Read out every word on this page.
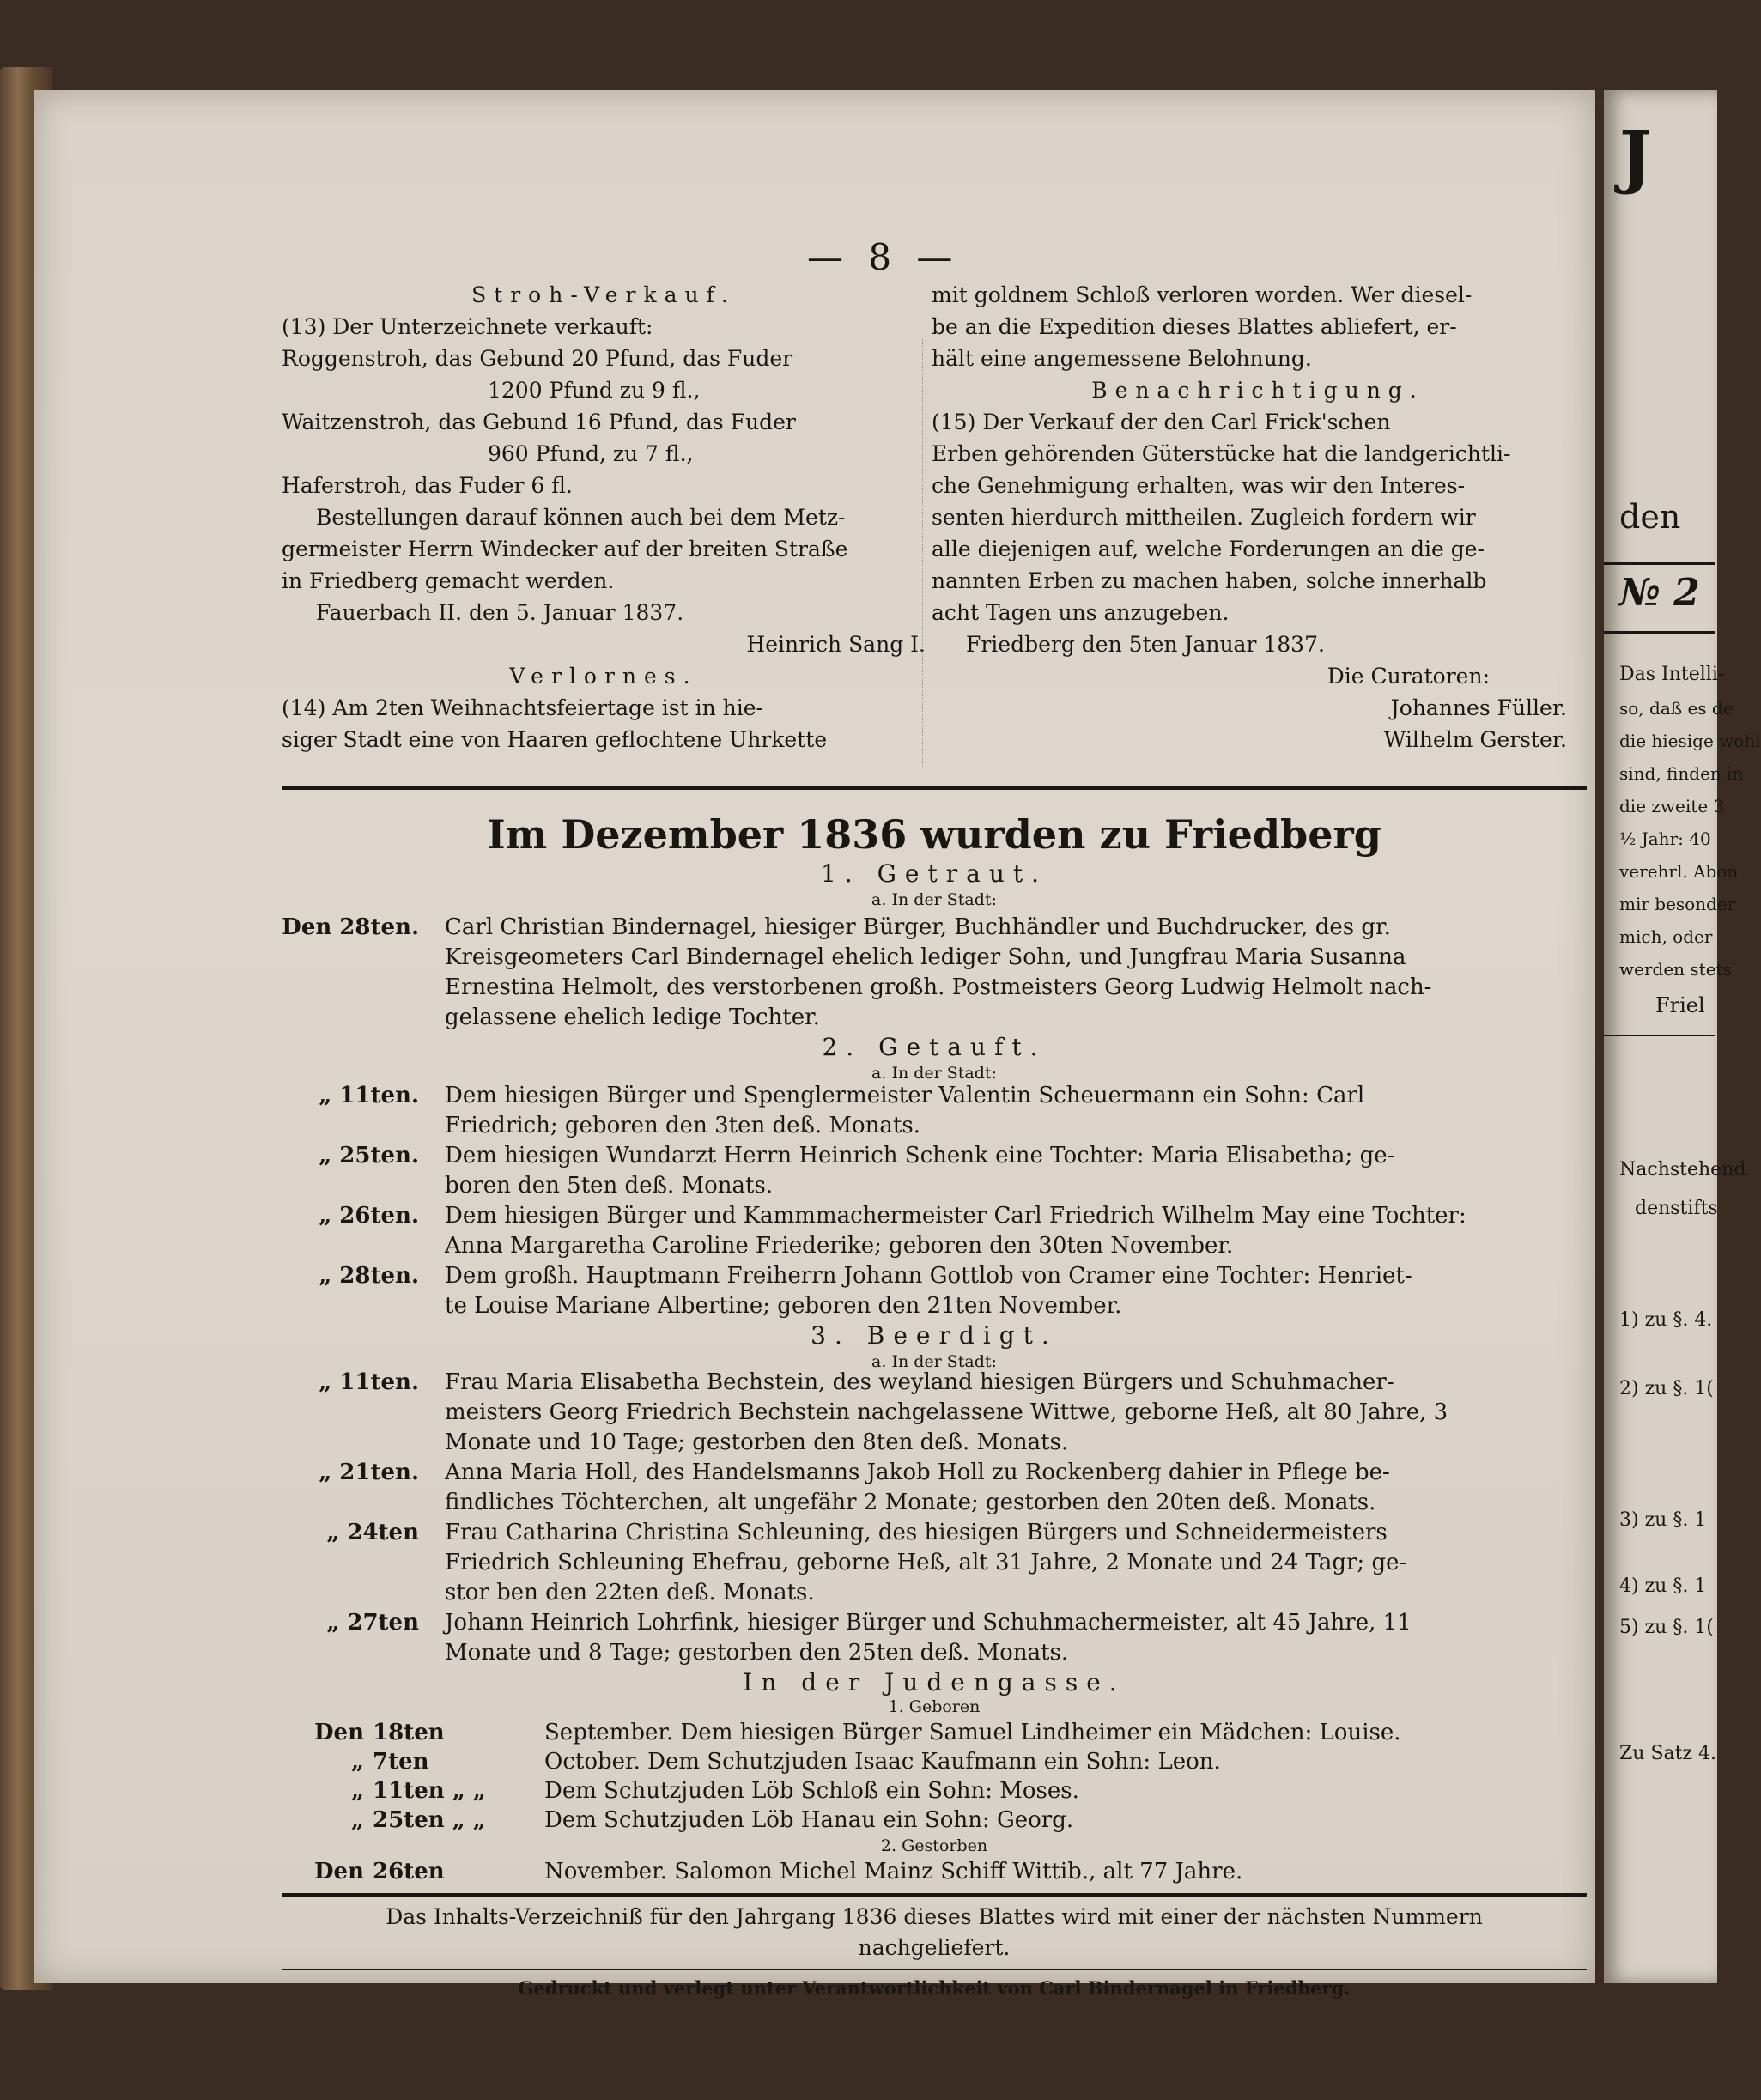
— 8 —
Stroh-Verkauf.
(13) Der Unterzeichnete verkauft:
Roggenstroh, das Gebund 20 Pfund, das Fuder
1200 Pfund zu 9 fl.,
Waitzenstroh, das Gebund 16 Pfund, das Fuder
960 Pfund, zu 7 fl.,
Haferstroh, das Fuder 6 fl.
Bestellungen darauf können auch bei dem Metz-
germeister Herrn Windecker auf der breiten Straße
in Friedberg gemacht werden.
Fauerbach II. den 5. Januar 1837.
Heinrich Sang I.
Verlornes.
(14) Am 2ten Weihnachtsfeiertage ist in hie-
siger Stadt eine von Haaren geflochtene Uhrkette
mit goldnem Schloß verloren worden. Wer diesel-
be an die Expedition dieses Blattes abliefert, er-
hält eine angemessene Belohnung.
Benachrichtigung.
(15) Der Verkauf der den Carl Frick'schen
Erben gehörenden Güterstücke hat die landgerichtli-
che Genehmigung erhalten, was wir den Interes-
senten hierdurch mittheilen. Zugleich fordern wir
alle diejenigen auf, welche Forderungen an die ge-
nannten Erben zu machen haben, solche innerhalb
acht Tagen uns anzugeben.
Friedberg den 5ten Januar 1837.
Die Curatoren:
Johannes Füller.
Wilhelm Gerster.
Im Dezember 1836 wurden zu Friedberg
1. Getraut.
a. In der Stadt:
Den 28ten. Carl Christian Bindernagel, hiesiger Bürger, Buchhändler und Buchdrucker, des gr.
Kreisgeometers Carl Bindernagel ehelich lediger Sohn, und Jungfrau Maria Susanna
Ernestina Helmolt, des verstorbenen großh. Postmeisters Georg Ludwig Helmolt nach-
gelassene ehelich ledige Tochter.
2. Getauft.
a. In der Stadt:
„ 11ten. Dem hiesigen Bürger und Spenglermeister Valentin Scheuermann ein Sohn: Carl
Friedrich; geboren den 3ten deß. Monats.
„ 25ten. Dem hiesigen Wundarzt Herrn Heinrich Schenk eine Tochter: Maria Elisabetha; ge-
boren den 5ten deß. Monats.
„ 26ten. Dem hiesigen Bürger und Kammmachermeister Carl Friedrich Wilhelm May eine Tochter:
Anna Margaretha Caroline Friederike; geboren den 30ten November.
„ 28ten. Dem großh. Hauptmann Freiherrn Johann Gottlob von Cramer eine Tochter: Henriet-
te Louise Mariane Albertine; geboren den 21ten November.
3. Beerdigt.
a. In der Stadt:
„ 11ten. Frau Maria Elisabetha Bechstein, des weyland hiesigen Bürgers und Schuhmacher-
meisters Georg Friedrich Bechstein nachgelassene Wittwe, geborne Heß, alt 80 Jahre, 3
Monate und 10 Tage; gestorben den 8ten deß. Monats.
„ 21ten. Anna Maria Holl, des Handelsmanns Jakob Holl zu Rockenberg dahier in Pflege be-
findliches Töchterchen, alt ungefähr 2 Monate; gestorben den 20ten deß. Monats.
„ 24ten Frau Catharina Christina Schleuning, des hiesigen Bürgers und Schneidermeisters
Friedrich Schleuning Ehefrau, geborne Heß, alt 31 Jahre, 2 Monate und 24 Tagr; ge-
stor ben den 22ten deß. Monats.
„ 27ten Johann Heinrich Lohrfink, hiesiger Bürger und Schuhmachermeister, alt 45 Jahre, 11
Monate und 8 Tage; gestorben den 25ten deß. Monats.
In der Judengasse.
1. Geboren
Den 18ten	September. Dem hiesigen Bürger Samuel Lindheimer ein Mädchen: Louise.
„ 7ten	October. Dem Schutzjuden Isaac Kaufmann ein Sohn: Leon.
„ 11ten „ „	Dem Schutzjuden Löb Schloß ein Sohn: Moses.
„ 25ten „ „	Dem Schutzjuden Löb Hanau ein Sohn: Georg.
2. Gestorben
Den 26ten	November. Salomon Michel Mainz Schiff Wittib., alt 77 Jahre.
Das Inhalts-Verzeichniß für den Jahrgang 1836 dieses Blattes wird mit einer der nächsten Nummern
nachgeliefert.
Gedruckt und verlegt unter Verantwortlichkeit von Carl Bindernagel in Friedberg.
J
den
№ 2
Das Intelli-
so, daß es de
die hiesige wohl
sind, finden in
die zweite 3
½ Jahr: 40
verehrl. Abon
mir besonder
mich, oder
werden stets
Friel
Nachstehend
denstifts
1) zu §. 4.
2) zu §. 1(
3) zu §. 1
4) zu §. 1
5) zu §. 1(
Zu Satz 4.
